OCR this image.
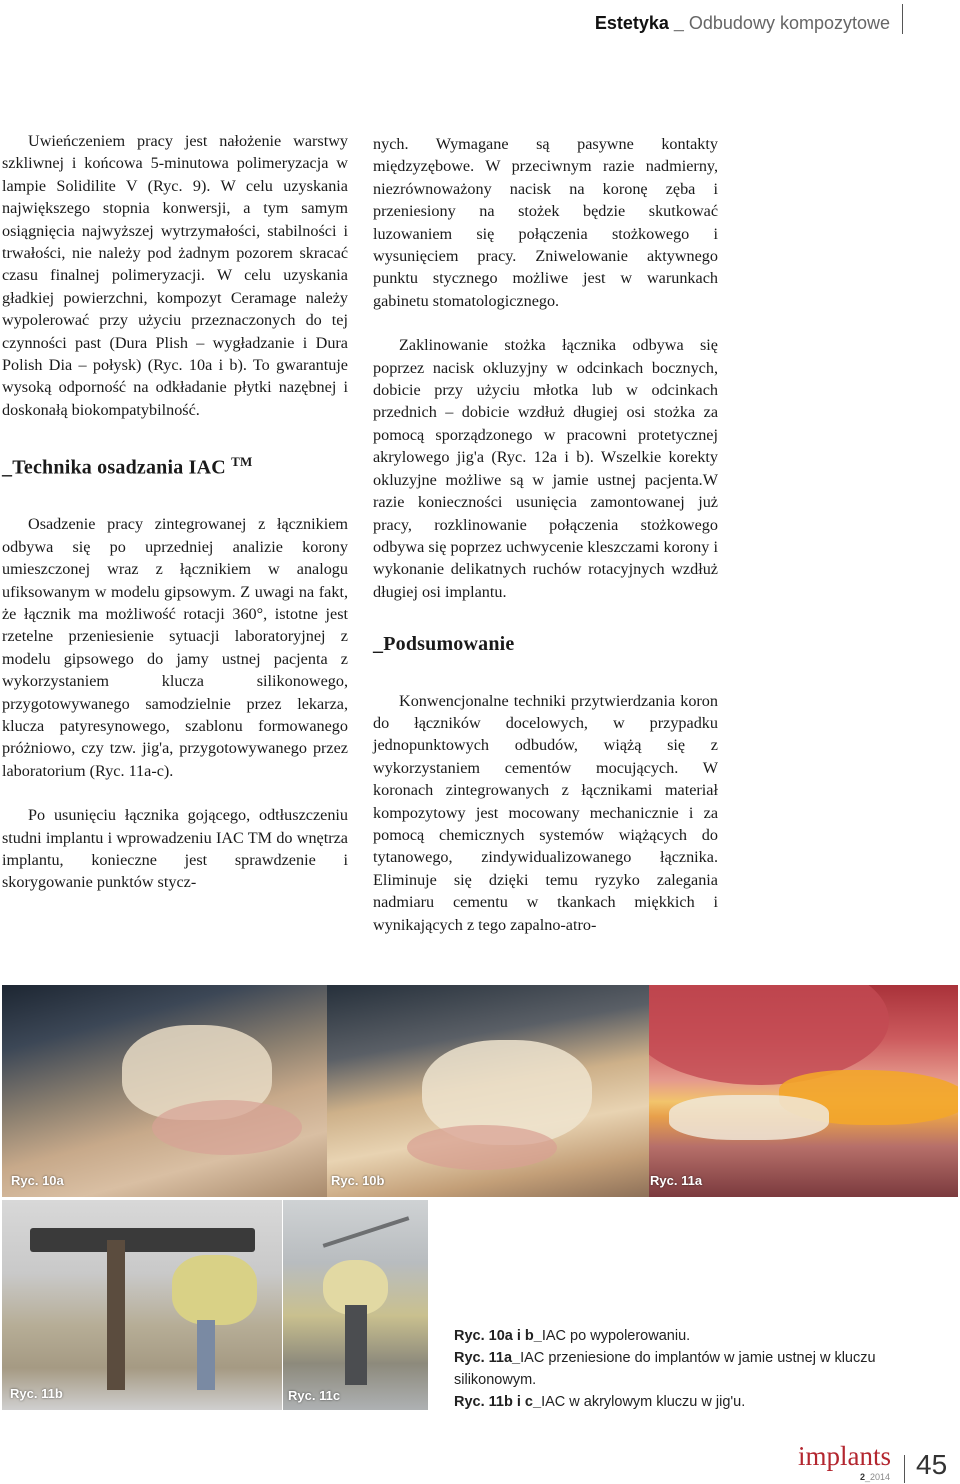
Estetyka _ Odbudowy kompozytowe

Uwieńczeniem pracy jest nałożenie warstwy szkliwnej i końcowa 5-minutowa polimeryzacja w lampie Solidilite V (Ryc. 9). W celu uzyskania największego stopnia konwersji, a tym samym osiągnięcia najwyższej wytrzymałości, stabilności i trwałości, nie należy pod żadnym pozorem skracać czasu finalnej polimeryzacji. W celu uzyskania gładkiej powierzchni, kompozyt Ceramage należy wypolerować przy użyciu przeznaczonych do tej czynności past (Dura Plish – wygładzanie i Dura Polish Dia – połysk) (Ryc. 10a i b). To gwarantuje wysoką odporność na odkładanie płytki nazębnej i doskonałą biokompatybilność.

_Technika osadzania IAC ™

Osadzenie pracy zintegrowanej z łącznikiem odbywa się po uprzedniej analizie korony umieszczonej wraz z łącznikiem w analogu ufiksowanym w modelu gipsowym. Z uwagi na fakt, że łącznik ma możliwość rotacji 360°, istotne jest rzetelne przeniesienie sytuacji laboratoryjnej z modelu gipsowego do jamy ustnej pacjenta z wykorzystaniem klucza silikonowego, przygotowywanego samodzielnie przez lekarza, klucza patyresynowego, szablonu formowanego próżniowo, czy tzw. jig'a, przygotowywanego przez laboratorium (Ryc. 11a-c).

Po usunięciu łącznika gojącego, odtłuszczeniu studni implantu i wprowadzeniu IAC TM do wnętrza implantu, konieczne jest sprawdzenie i skorygowanie punktów stycz-

nych. Wymagane są pasywne kontakty międzyzębowe. W przeciwnym razie nadmierny, niezrównoważony nacisk na koronę zęba i przeniesiony na stożek będzie skutkować luzowaniem się połączenia stożkowego i wysunięciem pracy. Zniwelowanie aktywnego punktu stycznego możliwe jest w warunkach gabinetu stomatologicznego.

Zaklinowanie stożka łącznika odbywa się poprzez nacisk okluzyjny w odcinkach bocznych, dobicie przy użyciu młotka lub w odcinkach przednich – dobicie wzdłuż długiej osi stożka za pomocą sporządzonego w pracowni protetycznej akrylowego jig'a (Ryc. 12a i b). Wszelkie korekty okluzyjne możliwe są w jamie ustnej pacjenta.W razie konieczności usunięcia zamontowanej już pracy, rozklinowanie połączenia stożkowego odbywa się poprzez uchwycenie kleszczami korony i wykonanie delikatnych ruchów rotacyjnych wzdłuż długiej osi implantu.

_Podsumowanie

Konwencjonalne techniki przytwierdzania koron do łączników docelowych, w przypadku jednopunktowych odbudów, wiążą się z wykorzystaniem cementów mocujących. W koronach zintegrowanych z łącznikami materiał kompozytowy jest mocowany mechanicznie i za pomocą chemicznych systemów wiążących do tytanowego, zindywidualizowanego łącznika. Eliminuje się dzięki temu ryzyko zalegania nadmiaru cementu w tkankach miękkich i wynikających z tego zapalno-atro-

Ryc. 10a	Ryc. 10b	Ryc. 11a
Ryc. 11b	Ryc. 11c
Ryc. 10a i b_IAC po wypolerowaniu.
Ryc. 11a_IAC przeniesione do implantów w jamie ustnej w kluczu silikonowym.
Ryc. 11b i c_IAC w akrylowym kluczu w jig'u.
implants
2_2014 45
